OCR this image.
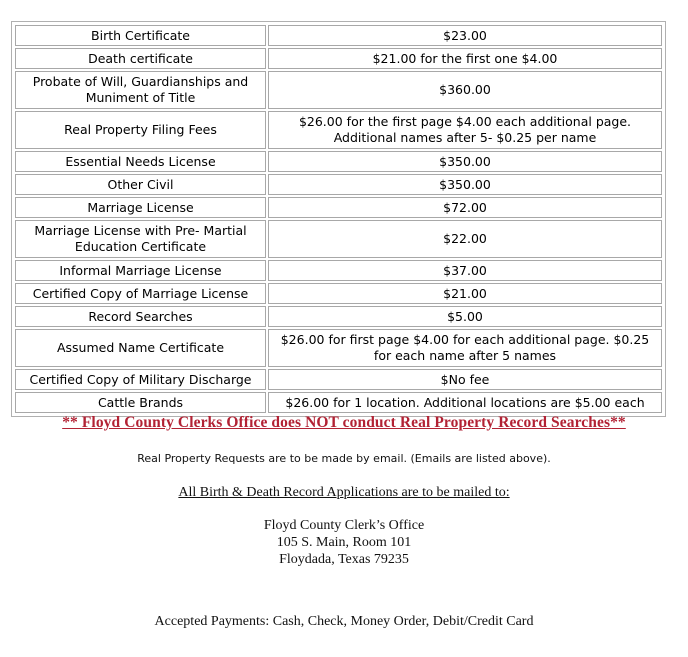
Birth Certificate	$23.00
Death certificate	$21.00 for the first one $4.00
Probate of Will, Guardianships and Muniment of Title	$360.00
Real Property Filing Fees	$26.00 for the first page $4.00 each additional page. Additional names after 5- $0.25 per name
Essential Needs License	$350.00
Other Civil	$350.00
Marriage License	$72.00
Marriage License with Pre- Martial Education Certificate	$22.00
Informal Marriage License	$37.00
Certified Copy of Marriage License	$21.00
Record Searches	$5.00
Assumed Name Certificate	$26.00 for first page $4.00 for each additional page. $0.25 for each name after 5 names
Certified Copy of Military Discharge	$No fee
Cattle Brands	$26.00 for 1 location. Additional locations are $5.00 each
** Floyd County Clerks Office does NOT conduct Real Property Record Searches**
Real Property Requests are to be made by email. (Emails are listed above).
All Birth & Death Record Applications are to be mailed to:
Floyd County Clerk’s Office
105 S. Main, Room 101
Floydada, Texas 79235
Accepted Payments: Cash, Check, Money Order, Debit/Credit Card
